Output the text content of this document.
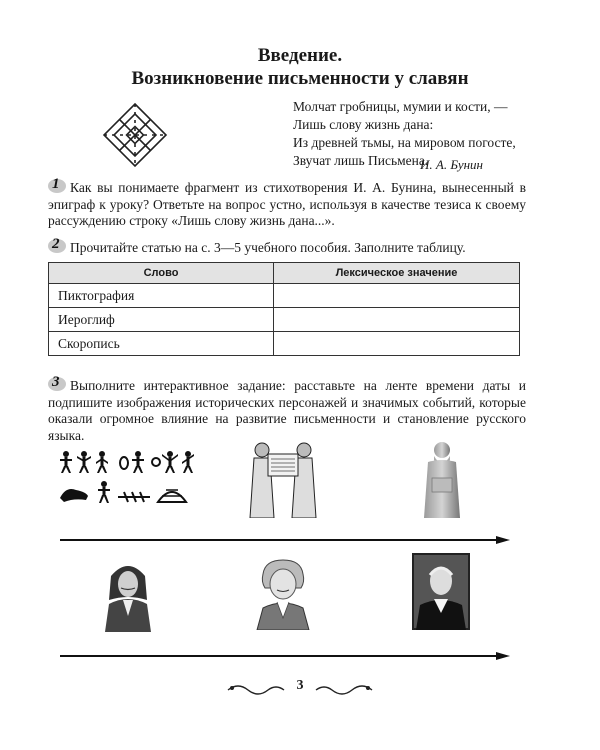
Введение.
Возникновение письменности у славян
Молчат гробницы, мумии и кости, —
Лишь слову жизнь дана:
Из древней тьмы, на мировом погосте,
Звучат лишь Письмена.
И. А. Бунин
1 Как вы понимаете фрагмент из стихотворения И. А. Бунина, вынесенный в эпиграф к уроку? Ответьте на вопрос устно, используя в качестве тезиса к своему рассуждению строку «Лишь слову жизнь дана...».
2 Прочитайте статью на с. 3—5 учебного пособия. Заполните таблицу.
Слово	Лексическое значение
Пиктография	
Иероглиф	
Скоропись	
3 Выполните интерактивное задание: расставьте на ленте времени даты и подпишите изображения исторических персонажей и значимых событий, которые оказали огромное влияние на развитие письменности и становление русского языка.
3
